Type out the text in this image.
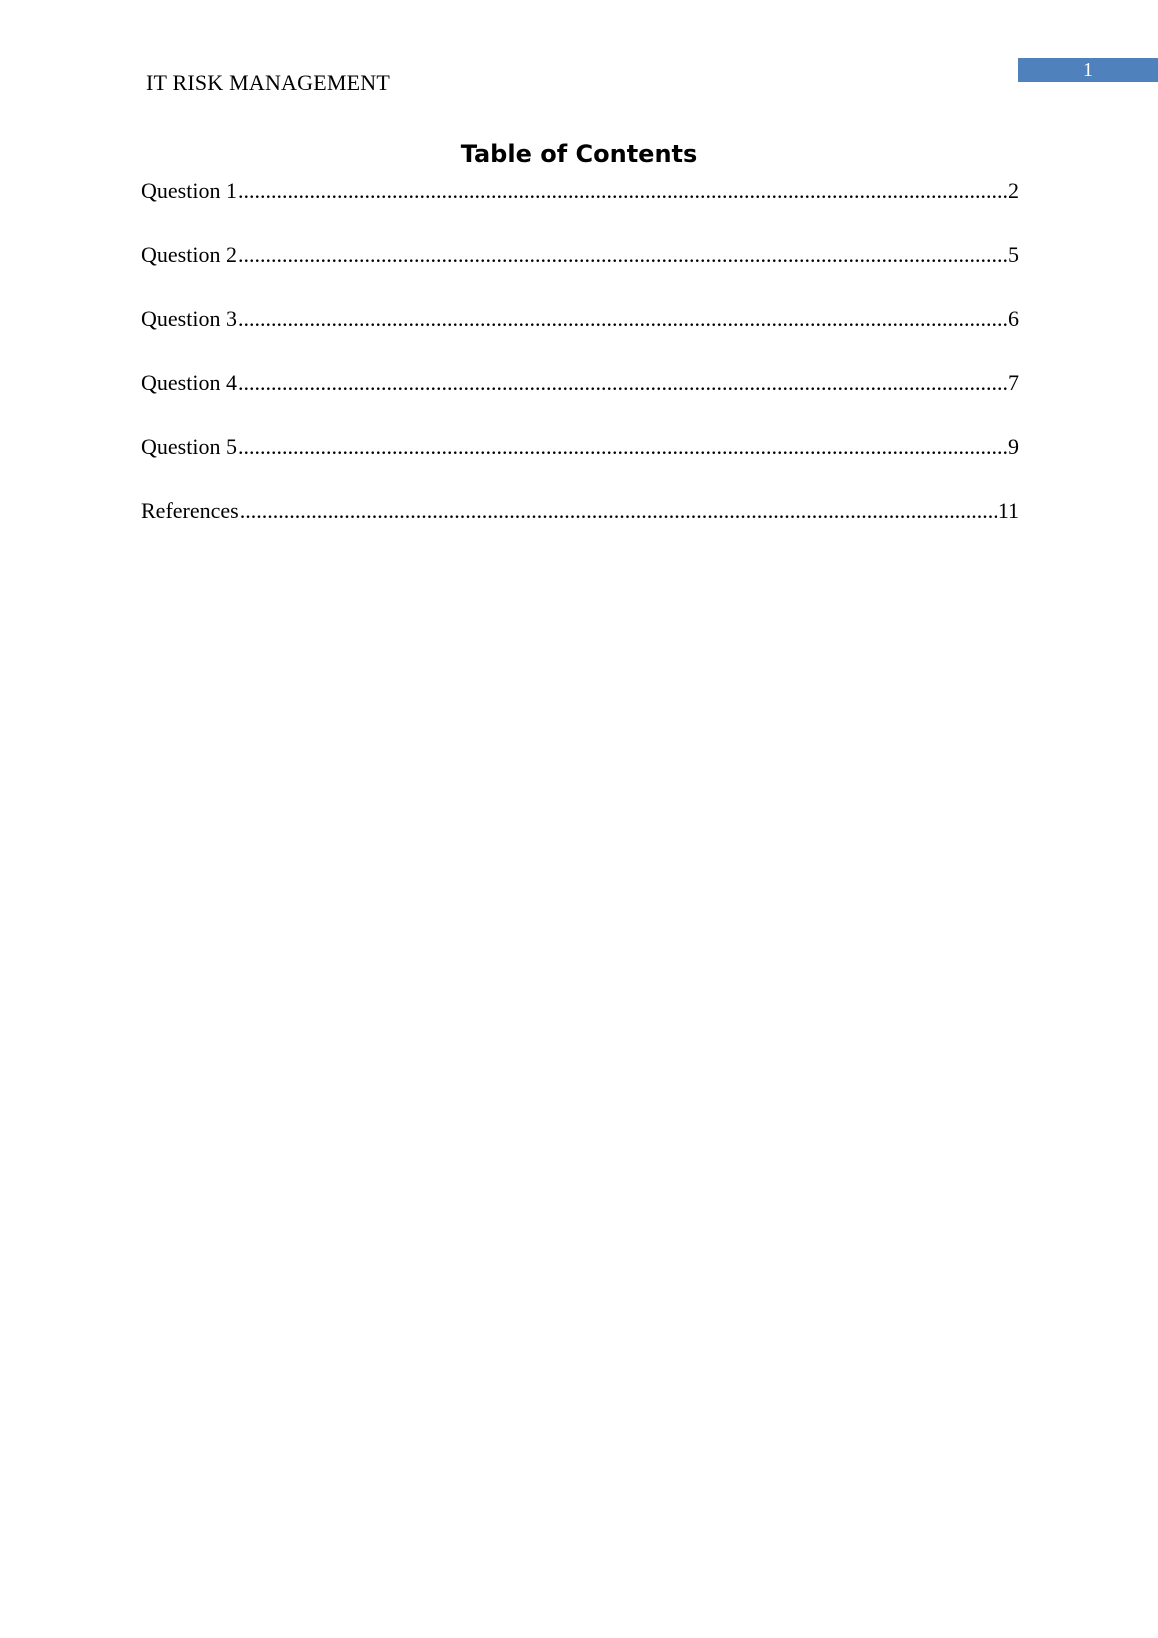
1
IT RISK MANAGEMENT
Table of Contents
Question 1 .....	2
Question 2 .....	5
Question 3 .....	6
Question 4 .....	7
Question 5 .....	9
References .....	11
